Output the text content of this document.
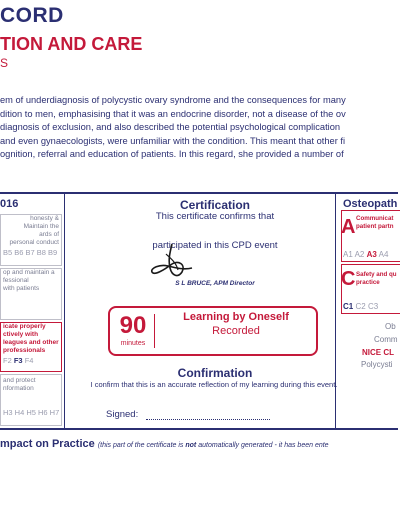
CORD
TION AND CARE
S
em of underdiagnosis of polycystic ovary syndrome and the consequences for many
dition to men, emphasising that it was an endocrine disorder, not a disease of the ov
diagnosis of exclusion, and also described the potential psychological complication
and even gynaecologists, were unfamiliar with the condition. This meant that other fi
ognition, referral and education of patients. In this regard, she provided a number of
016
honesty &
Maintain the
ards of
personal conduct
B5 B6 B7 B8 B9
op and maintain a
fessional
with patients
icate properly
ctively with
leagues and other
professionals
F2 F3 F4
and protect
nformation
H3 H4 H5 H6 H7
Certification
This certificate confirms that
participated in this CPD event
S L BRUCE, APM Director
90
minutes
Learning by Oneself
Recorded
Confirmation
I confirm that this is an accurate reflection of my learning during this event.
Signed:
Osteopath
A Communicat
patient partn
A1 A2 A3 A4
C Safety and qu
practice
C1 C2 C3
Ob
Comm
NICE CL
Polycysti
mpact on Practice (this part of the certificate is not automatically generated - it has been ente
